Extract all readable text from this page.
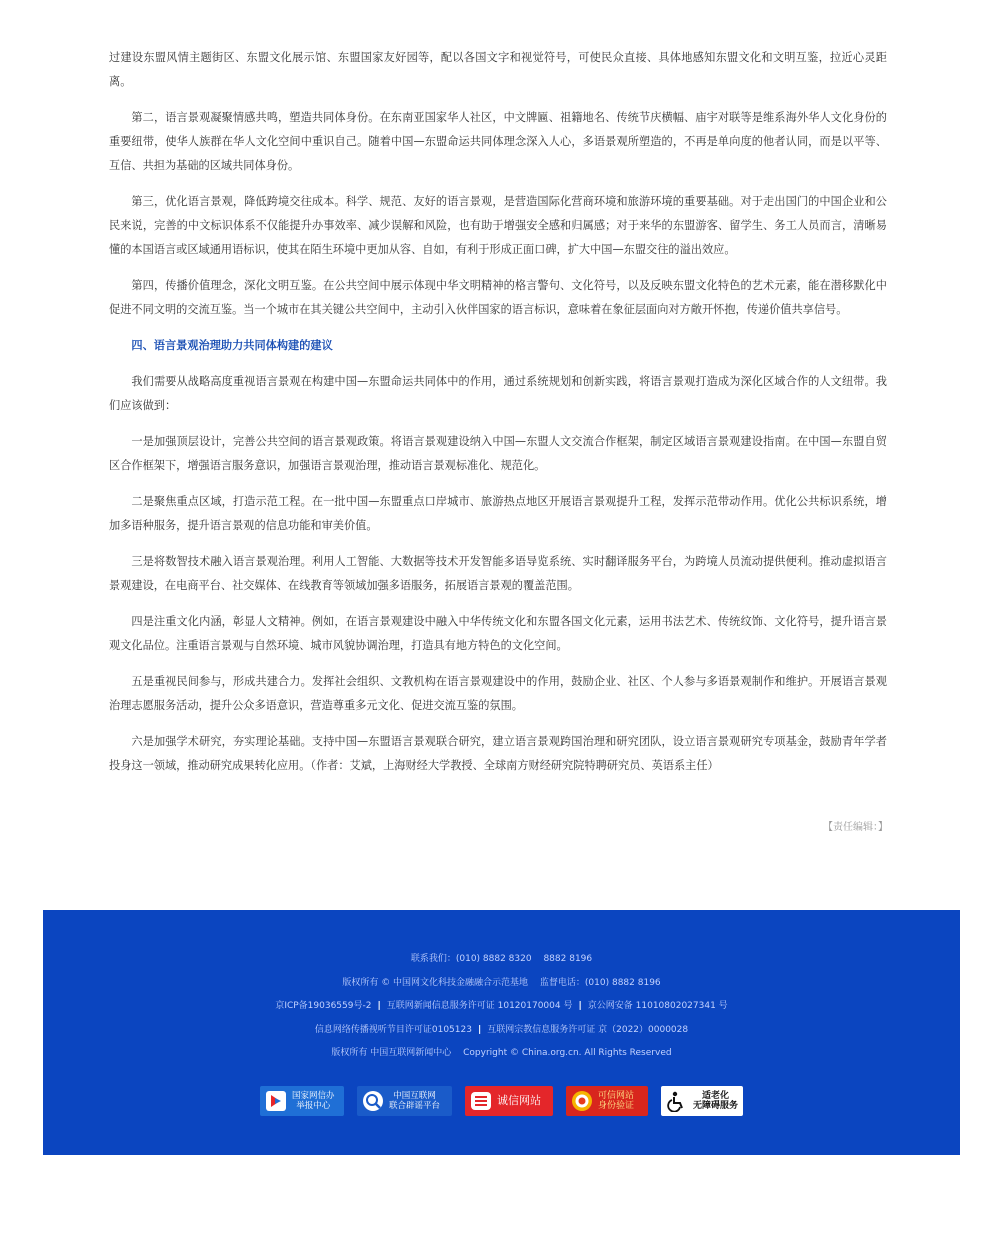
过建设东盟风情主题街区、东盟文化展示馆、东盟国家友好园等，配以各国文字和视觉符号，可使民众直接、具体地感知东盟文化和文明互鉴，拉近心灵距离。

第二，语言景观凝聚情感共鸣，塑造共同体身份。在东南亚国家华人社区，中文牌匾、祖籍地名、传统节庆横幅、庙宇对联等是维系海外华人文化身份的重要纽带，使华人族群在华人文化空间中重识自己。随着中国—东盟命运共同体理念深入人心，多语景观所塑造的，不再是单向度的他者认同，而是以平等、互信、共担为基础的区域共同体身份。

第三，优化语言景观，降低跨境交往成本。科学、规范、友好的语言景观，是营造国际化营商环境和旅游环境的重要基础。对于走出国门的中国企业和公民来说，完善的中文标识体系不仅能提升办事效率、减少误解和风险，也有助于增强安全感和归属感；对于来华的东盟游客、留学生、务工人员而言，清晰易懂的本国语言或区域通用语标识，使其在陌生环境中更加从容、自如，有利于形成正面口碑，扩大中国—东盟交往的溢出效应。

第四，传播价值理念，深化文明互鉴。在公共空间中展示体现中华文明精神的格言警句、文化符号，以及反映东盟文化特色的艺术元素，能在潜移默化中促进不同文明的交流互鉴。当一个城市在其关键公共空间中，主动引入伙伴国家的语言标识，意味着在象征层面向对方敞开怀抱，传递价值共享信号。

四、语言景观治理助力共同体构建的建议

我们需要从战略高度重视语言景观在构建中国—东盟命运共同体中的作用，通过系统规划和创新实践，将语言景观打造成为深化区域合作的人文纽带。我们应该做到：

一是加强顶层设计，完善公共空间的语言景观政策。将语言景观建设纳入中国—东盟人文交流合作框架，制定区域语言景观建设指南。在中国—东盟自贸区合作框架下，增强语言服务意识，加强语言景观治理，推动语言景观标准化、规范化。

二是聚焦重点区域，打造示范工程。在一批中国—东盟重点口岸城市、旅游热点地区开展语言景观提升工程，发挥示范带动作用。优化公共标识系统，增加多语种服务，提升语言景观的信息功能和审美价值。

三是将数智技术融入语言景观治理。利用人工智能、大数据等技术开发智能多语导览系统、实时翻译服务平台，为跨境人员流动提供便利。推动虚拟语言景观建设，在电商平台、社交媒体、在线教育等领域加强多语服务，拓展语言景观的覆盖范围。

四是注重文化内涵，彰显人文精神。例如，在语言景观建设中融入中华传统文化和东盟各国文化元素，运用书法艺术、传统纹饰、文化符号，提升语言景观文化品位。注重语言景观与自然环境、城市风貌协调治理，打造具有地方特色的文化空间。

五是重视民间参与，形成共建合力。发挥社会组织、文教机构在语言景观建设中的作用，鼓励企业、社区、个人参与多语景观制作和维护。开展语言景观治理志愿服务活动，提升公众多语意识，营造尊重多元文化、促进交流互鉴的氛围。

六是加强学术研究，夯实理论基础。支持中国—东盟语言景观联合研究，建立语言景观跨国治理和研究团队，设立语言景观研究专项基金，鼓励青年学者投身这一领域，推动研究成果转化应用。（作者：艾斌，上海财经大学教授、全球南方财经研究院特聘研究员、英语系主任）

【责任编辑：】
联系我们：(010) 8882 8320　 8882 8196
版权所有 © 中国网文化科技金融融合示范基地　 监督电话：(010) 8882 8196
京ICP备19036559号-2 | 互联网新闻信息服务许可证 10120170004 号 | 京公网安备 11010802027341 号
信息网络传播视听节目许可证0105123 | 互联网宗教信息服务许可证 京（2022）0000028
版权所有 中国互联网新闻中心　 Copyright © China.org.cn. All Rights Reserved
国家网信办
举报中心
中国互联网
联合辟谣平台	诚信网站	可信网站
身份验证
适老化
无障碍服务
